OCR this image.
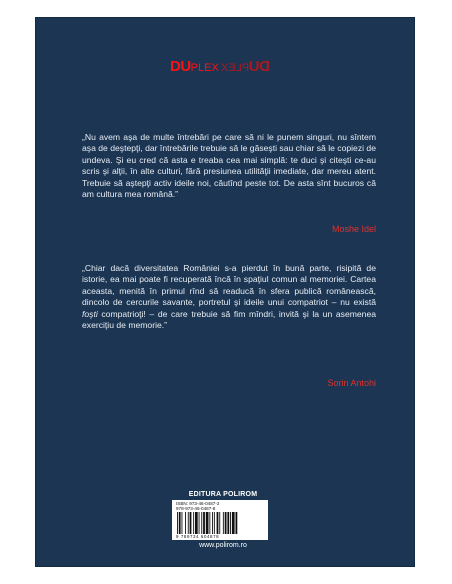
DU PLEX DU
PLEX
„Nu avem aşa de multe întrebări pe care să ni le punem singuri, nu sîntem aşa de deştepţi, dar întrebările trebuie să le găseşti sau chiar să le copiezi de undeva. Şi eu cred că asta e treaba cea mai simplă: te duci şi citeşti ce-au scris şi alţii, în alte culturi, fără presiunea utilităţii imediate, dar mereu atent. Trebuie să aştepţi activ ideile noi, căutînd peste tot. De asta sînt bucuros că am cultura mea română.”
Moshe Idel
„Chiar dacă diversitatea României s-a pierdut în bună parte, risipită de istorie, ea mai poate fi recuperată încă în spaţiul comun al memoriei. Cartea aceasta, menită în primul rînd să readucă în sfera publică românească, dincolo de cercurile savante, portretul şi ideile unui compatriot – nu există foşti compatrioţi! – de care trebuie să fim mîndri, invită şi la un asemenea exerciţiu de memorie.”
Sorin Antohi
EDITURA POLIROM
ISBN: 973-46-0487-2
978-973-46-0487-8
9 789734 604878
www.polirom.ro
